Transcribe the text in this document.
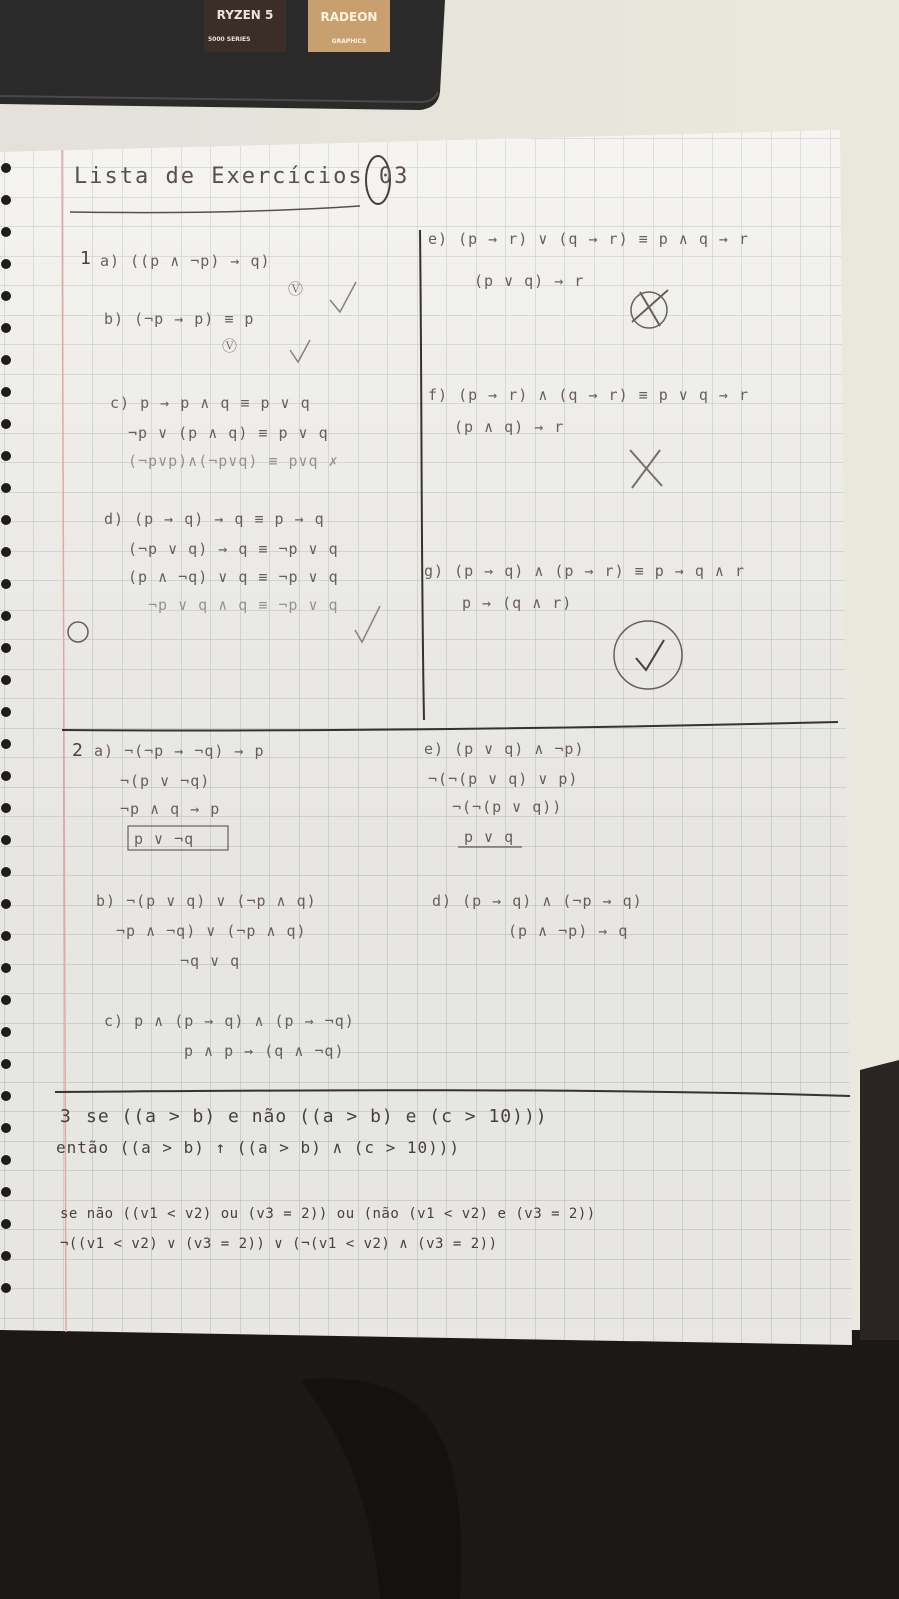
RYZEN 5
5000 SERIES
RADEON
GRAPHICS
Lista de Exercícios 03
1 a) ((p ∧ ¬p) → q)
Ⓥ
b) (¬p → p) ≡ p
Ⓥ
c) p → p ∧ q ≡ p ∨ q
¬p ∨ (p ∧ q) ≡ p ∨ q
(¬p∨p)∧(¬p∨q) ≡ p∨q ✗
d) (p → q) → q ≡ p → q
(¬p ∨ q) → q ≡ ¬p ∨ q
(p ∧ ¬q) ∨ q ≡ ¬p ∨ q
¬p ∨ q ∧ q ≡ ¬p ∨ q
e) (p → r) ∨ (q → r) ≡ p ∧ q → r
(p ∨ q) → r
f) (p → r) ∧ (q → r) ≡ p ∨ q → r
(p ∧ q) → r
g) (p → q) ∧ (p → r) ≡ p → q ∧ r
p → (q ∧ r)
2 a) ¬(¬p → ¬q) → p
¬(p ∨ ¬q)
¬p ∧ q → p
p ∨ ¬q
b) ¬(p ∨ q) ∨ (¬p ∧ q)
¬p ∧ ¬q) ∨ (¬p ∧ q)
¬q ∨ q
c) p ∧ (p → q) ∧ (p → ¬q)
p ∧ p → (q ∧ ¬q)
e) (p ∨ q) ∧ ¬p)
¬(¬(p ∨ q) ∨ p)
¬(¬(p ∨ q))
p ∨ q
d) (p → q) ∧ (¬p → q)
(p ∧ ¬p) → q
3 se ((a > b) e não ((a > b) e (c > 10)))
então ((a > b) ↑ ((a > b) ∧ (c > 10)))
se não ((v1 < v2) ou (v3 = 2)) ou (não (v1 < v2) e (v3 = 2))
¬((v1 < v2) ∨ (v3 = 2)) ∨ (¬(v1 < v2) ∧ (v3 = 2))
